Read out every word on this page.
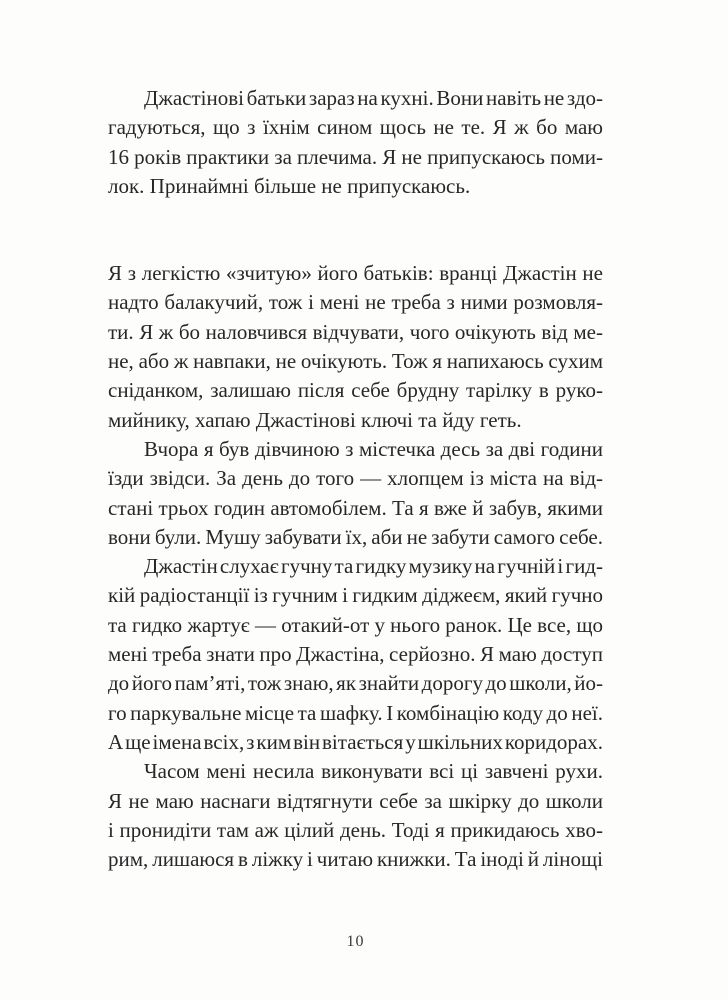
Джастінові батьки зараз на кухні. Вони навіть не здо-
гадуються, що з їхнім сином щось не те. Я ж бо маю
16 років практики за плечима. Я не припускаюсь поми-
лок. Принаймні більше не припускаюсь.
Я з легкістю «зчитую» його батьків: вранці Джастін не
надто балакучий, тож і мені не треба з ними розмовля-
ти. Я ж бо наловчився відчувати, чого очікують від ме-
не, або ж навпаки, не очікують. Тож я напихаюсь сухим
сніданком, залишаю після себе брудну тарілку в руко-
мийнику, хапаю Джастінові ключі та йду геть.
Вчора я був дівчиною з містечка десь за дві години
їзди звідси. За день до того — хлопцем із міста на від-
стані трьох годин автомобілем. Та я вже й забув, якими
вони були. Мушу забувати їх, аби не забути самого себе.
Джастін слухає гучну та гидку музику на гучній і гид-
кій радіостанції із гучним і гидким діджеєм, який гучно
та гидко жартує — отакий-от у нього ранок. Це все, що
мені треба знати про Джастіна, серйозно. Я маю доступ
до його пам’яті, тож знаю, як знайти дорогу до школи, йо-
го паркувальне місце та шафку. І комбінацію коду до неї.
А ще імена всіх, з ким він вітається у шкільних коридорах.
Часом мені несила виконувати всі ці завчені рухи.
Я не маю наснаги відтягнути себе за шкірку до школи
і пронидіти там аж цілий день. Тоді я прикидаюсь хво-
рим, лишаюся в ліжку і читаю книжки. Та іноді й лінощі
10
